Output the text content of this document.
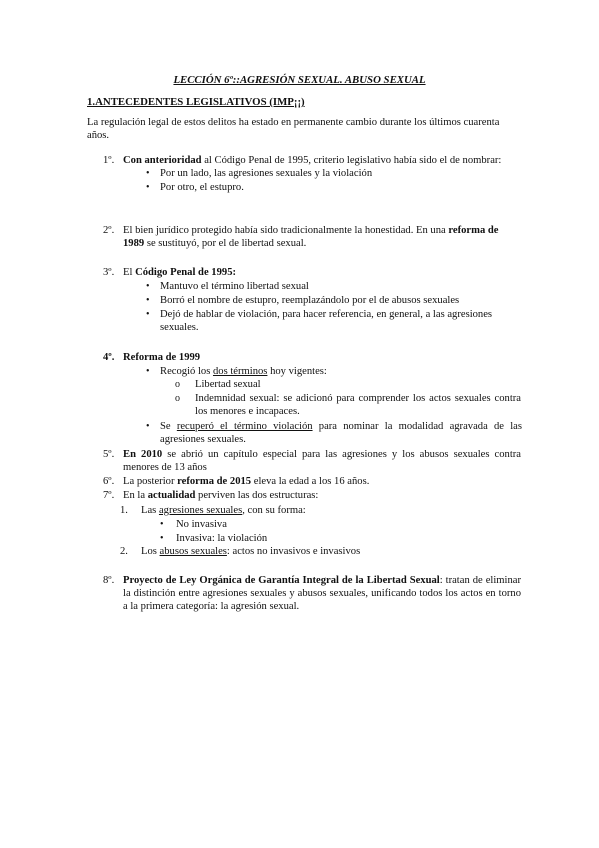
LECCIÓN 6º::AGRESIÓN SEXUAL. ABUSO SEXUAL
1.ANTECEDENTES LEGISLATIVOS (IMP¡¡)
La regulación legal de estos delitos ha estado en permanente cambio durante los últimos cuarenta años.
1º. Con anterioridad al Código Penal de 1995, criterio legislativo había sido el de nombrar:
• Por un lado, las agresiones sexuales y la violación
• Por otro, el estupro.
2º. El bien jurídico protegido había sido tradicionalmente la honestidad. En una reforma de 1989 se sustituyó, por el de libertad sexual.
3º. El Código Penal de 1995:
• Mantuvo el término libertad sexual
• Borró el nombre de estupro, reemplazándolo por el de abusos sexuales
• Dejó de hablar de violación, para hacer referencia, en general, a las agresiones sexuales.
4º. Reforma de 1999
• Recogió los dos términos hoy vigentes:
o Libertad sexual
o Indemnidad sexual: se adicionó para comprender los actos sexuales contra los menores e incapaces.
• Se recuperó el término violación para nominar la modalidad agravada de las agresiones sexuales.
5º. En 2010 se abrió un capítulo especial para las agresiones y los abusos sexuales contra menores de 13 años
6º. La posterior reforma de 2015 eleva la edad a los 16 años.
7º. En la actualidad perviven las dos estructuras:
1. Las agresiones sexuales, con su forma:
• No invasiva
• Invasiva: la violación
2. Los abusos sexuales: actos no invasivos e invasivos
8º. Proyecto de Ley Orgánica de Garantía Integral de la Libertad Sexual: tratan de eliminar la distinción entre agresiones sexuales y abusos sexuales, unificando todos los actos en torno a la primera categoría: la agresión sexual.
